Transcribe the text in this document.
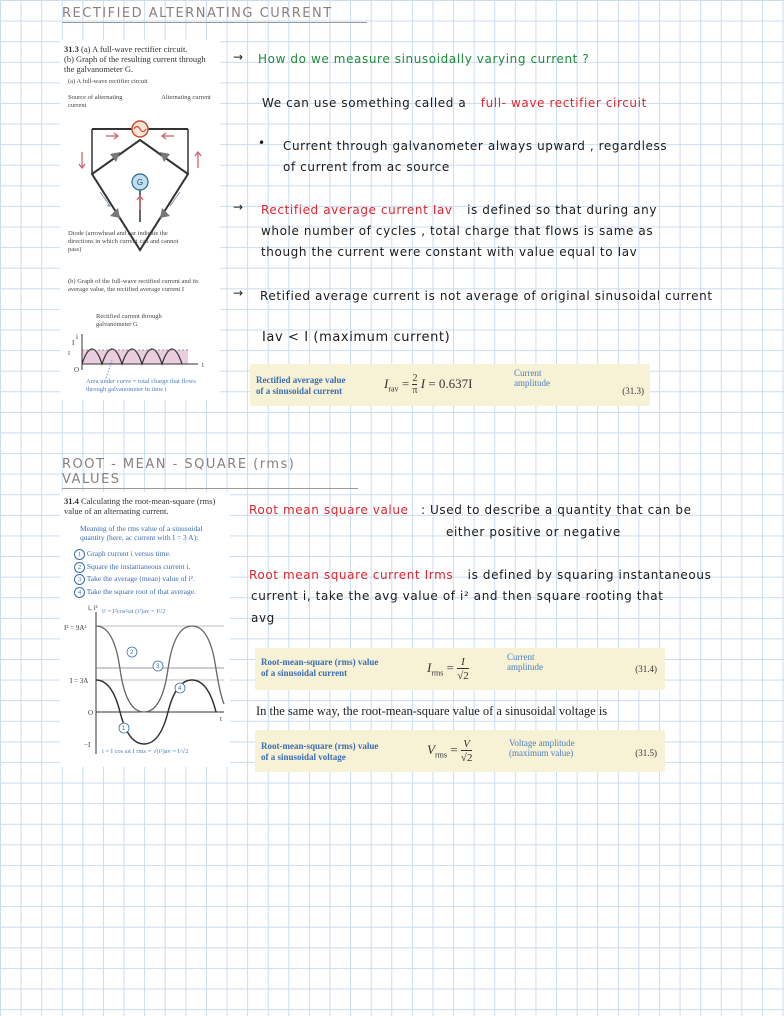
RECTIFIED ALTERNATING CURRENT
31.3 (a) A full-wave rectifier circuit.
(b) Graph of the resulting current through the galvanometer G.
(a) A full-wave rectifier circuit
Source of alternating current
Alternating current
G
Diode (arrowhead and bar indicate the directions in which current can and cannot pass)
(b) Graph of the full-wave rectified current and its average value, the rectified average current I
Rectified current through galvanometer G
i
t
O
I
I
Area under curve = total charge that flows through galvanometer in time t
→ How do we measure sinusoidally varying current ?
We can use something called a full- wave rectifier circuit
• Current through galvanometer always upward , regardless
of current from ac source
→ Rectified average current Iav is defined so that during any
whole number of cycles , total charge that flows is same as
though the current were constant with value equal to Iav
→ Retified average current is not average of original sinusoidal current
Iav < I (maximum current)
Rectified average value
of a sinusoidal current
$I_{rav} = 2$
π I = 0.637I
Current
amplitude
(31.3)
ROOT - MEAN - SQUARE (rms) VALUES
31.4 Calculating the root-mean-square (rms) value of an alternating current.
Meaning of the rms value of a sinusoidal quantity (here, ac current with I = 3 A):
1 Graph current i versus time.
2 Square the instantaneous current i.
3 Take the average (mean) value of i².
4 Take the square root of that average.
I² = 9A²
I = 3A
O
−I
i, i²
t
2
3
4
1
i² = I²cos²ωt (i²)av = I²/2
i = I cos ωt I rms = √(i²)av = I/√2
Root mean square value : Used to describe a quantity that can be
either positive or negative
Root mean square current Irms is defined by squaring instantaneous
current i, take the avg value of i² and then square rooting that
avg
Root-mean-square (rms) value
of a sinusoidal current	$I_{rms} = I$
√2
Current
amplitude	(31.4)
In the same way, the root-mean-square value of a sinusoidal voltage is
Root-mean-square (rms) value
of a sinusoidal voltage
$V_{rms} = V$
√2
Voltage amplitude
(maximum value)	(31.5)
